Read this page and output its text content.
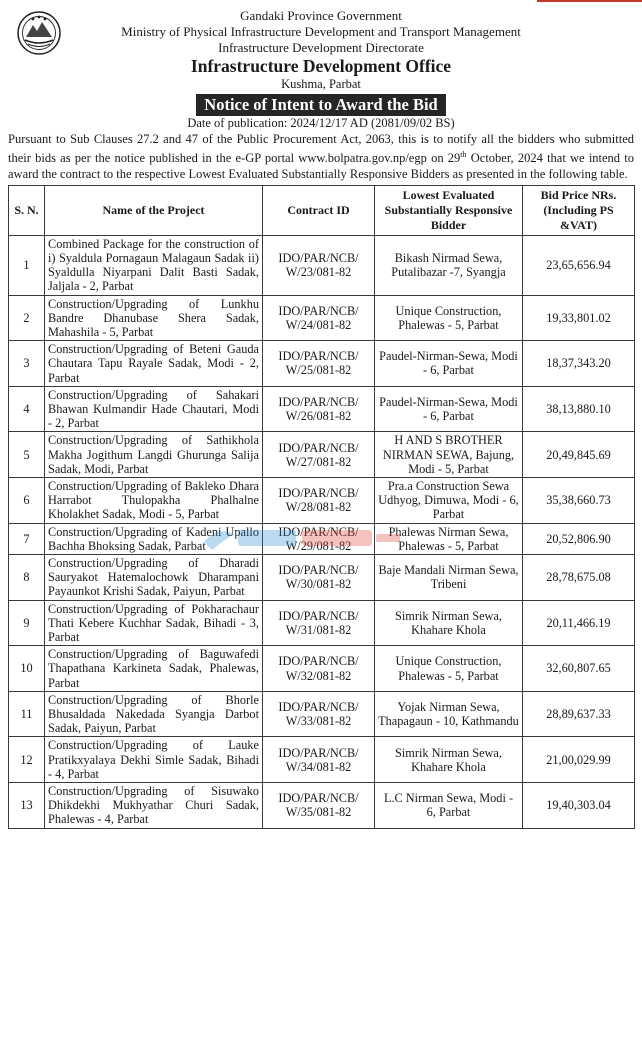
Gandaki Province Government
Ministry of Physical Infrastructure Development and Transport Management
Infrastructure Development Directorate
Infrastructure Development Office
Kushma, Parbat
Notice of Intent to Award the Bid
Date of publication: 2024/12/17 AD (2081/09/02 BS)
Pursuant to Sub Clauses 27.2 and 47 of the Public Procurement Act, 2063, this is to notify all the bidders who submitted their bids as per the notice published in the e-GP portal www.bolpatra.gov.np/egp on 29th October, 2024 that we intend to award the contract to the respective Lowest Evaluated Substantially Responsive Bidders as presented in the following table.
S. N.	Name of the Project	Contract ID	Lowest Evaluated Substantially Responsive Bidder	Bid Price NRs. (Including PS &VAT)
1	Combined Package for the construction of i) Syaldula Pornagaun Malagaun Sadak ii) Syaldulla Niyarpani Dalit Basti Sadak, Jaljala - 2, Parbat	IDO/PAR/NCB/ W/23/081-82	Bikash Nirmad Sewa, Putalibazar -7, Syangja	23,65,656.94
2	Construction/Upgrading of Lunkhu Bandre Dhanubase Shera Sadak, Mahashila - 5, Parbat	IDO/PAR/NCB/ W/24/081-82	Unique Construction, Phalewas - 5, Parbat	19,33,801.02
3	Construction/Upgrading of Beteni Gauda Chautara Tapu Rayale Sadak, Modi - 2, Parbat	IDO/PAR/NCB/ W/25/081-82	Paudel-Nirman-Sewa, Modi - 6, Parbat	18,37,343.20
4	Construction/Upgrading of Sahakari Bhawan Kulmandir Hade Chautari, Modi - 2, Parbat	IDO/PAR/NCB/ W/26/081-82	Paudel-Nirman-Sewa, Modi - 6, Parbat	38,13,880.10
5	Construction/Upgrading of Sathikhola Makha Jogithum Langdi Ghurunga Salija Sadak, Modi, Parbat	IDO/PAR/NCB/ W/27/081-82	H AND S BROTHER NIRMAN SEWA, Bajung, Modi - 5, Parbat	20,49,845.69
6	Construction/Upgrading of Bakleko Dhara Harrabot Thulopakha Phalhalne Kholakhet Sadak, Modi - 5, Parbat	IDO/PAR/NCB/ W/28/081-82	Pra.a Construction Sewa Udhyog, Dimuwa, Modi - 6, Parbat	35,38,660.73
7	Construction/Upgrading of Kadeni Upallo Bachha Bhoksing Sadak, Parbat	IDO/PAR/NCB/ W/29/081-82	Phalewas Nirman Sewa, Phalewas - 5, Parbat	20,52,806.90
8	Construction/Upgrading of Dharadi Sauryakot Hatemalochowk Dharampani Payaunkot Krishi Sadak, Paiyun, Parbat	IDO/PAR/NCB/ W/30/081-82	Baje Mandali Nirman Sewa, Tribeni	28,78,675.08
9	Construction/Upgrading of Pokharachaur Thati Kebere Kuchhar Sadak, Bihadi - 3, Parbat	IDO/PAR/NCB/ W/31/081-82	Simrik Nirman Sewa, Khahare Khola	20,11,466.19
10	Construction/Upgrading of Baguwafedi Thapathana Karkineta Sadak, Phalewas, Parbat	IDO/PAR/NCB/ W/32/081-82	Unique Construction, Phalewas - 5, Parbat	32,60,807.65
11	Construction/Upgrading of Bhorle Bhusaldada Nakedada Syangja Darbot Sadak, Paiyun, Parbat	IDO/PAR/NCB/ W/33/081-82	Yojak Nirman Sewa, Thapagaun - 10, Kathmandu	28,89,637.33
12	Construction/Upgrading of Lauke Pratikxyalaya Dekhi Simle Sadak, Bihadi - 4, Parbat	IDO/PAR/NCB/ W/34/081-82	Simrik Nirman Sewa, Khahare Khola	21,00,029.99
13	Construction/Upgrading of Sisuwako Dhikdekhi Mukhyathar Churi Sadak, Phalewas - 4, Parbat	IDO/PAR/NCB/ W/35/081-82	L.C Nirman Sewa, Modi - 6, Parbat	19,40,303.04
